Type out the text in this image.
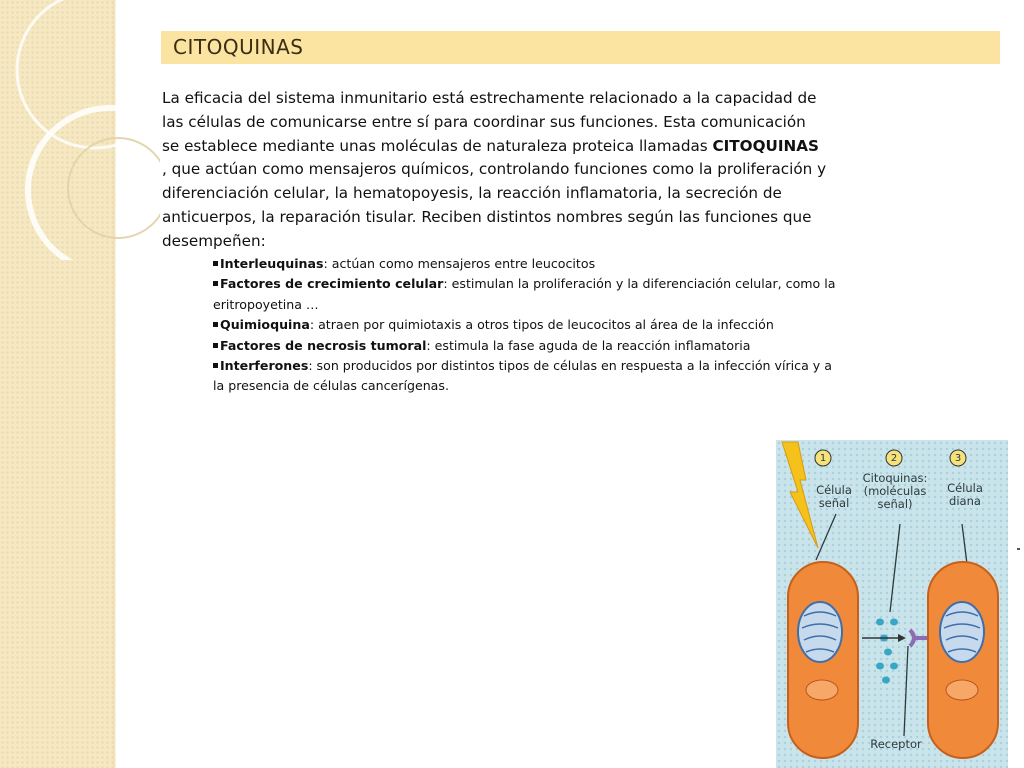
CITOQUINAS
La eficacia del sistema inmunitario está estrechamente relacionado a la capacidad de las células de comunicarse entre sí para coordinar sus funciones. Esta comunicación se establece mediante unas moléculas de naturaleza proteica llamadas CITOQUINAS , que actúan como mensajeros químicos, controlando funciones como la proliferación y diferenciación celular, la hematopoyesis, la reacción inflamatoria, la secreción de anticuerpos, la reparación tisular. Reciben distintos nombres según las funciones que desempeñen:
Interleuquinas: actúan como mensajeros entre leucocitos
Factores de crecimiento celular: estimulan la proliferación y la diferenciación celular, como la eritropoyetina …
Quimioquina: atraen por quimiotaxis a otros tipos de leucocitos al área de la infección
Factores de necrosis tumoral: estimula la fase aguda de la reacción inflamatoria
Interferones: son producidos por distintos tipos de células en respuesta a la infección vírica y a la presencia de células cancerígenas.
1	2	3
Célula
señal
Citoquinas:
(moléculas
señal)
Célula
diana
Receptor
